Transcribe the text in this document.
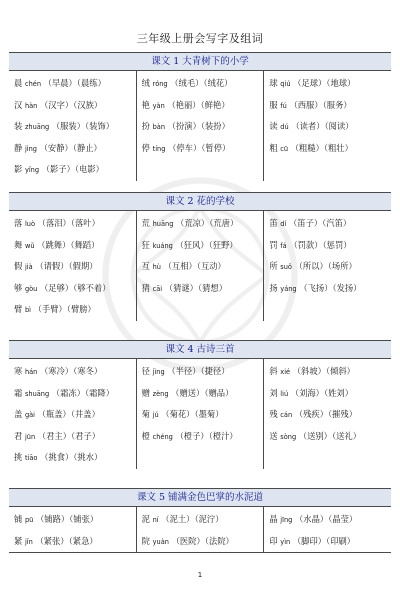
三年级上册会写字及组词
课文 1 大青树下的小学
晨 chén （早晨）（晨练）
汉 hàn （汉字）（汉族）
装 zhuāng （服装）（装饰）
静 jìng （安静）（静止）
影 yǐng （影子）（电影）
绒 róng （绒毛）（绒花）
艳 yàn （艳丽）（鲜艳）
扮 bàn （扮演）（装扮）
停 tíng （停车）（暂停）
球 qiú （足球）（地球）
服 fú （西服）（服务）
读 dú （读者）（阅读）
粗 cū （粗糙）（粗壮）
课文 2 花的学校
落 luò （落泪）（落叶）
舞 wǔ （跳舞）（舞蹈）
假 jià （请假）（假期）
够 gòu （足够）（够不着）
臂 bì （手臂）（臂膀）
荒 huāng （荒凉）（荒唐）
狂 kuáng （狂风）（狂野）
互 hù （互相）（互动）
猜 cāi （猜谜）（猜想）
笛 dí （笛子）（汽笛）
罚 fá （罚款）（惩罚）
所 suǒ （所以）（场所）
扬 yáng （飞扬）（发扬）
课文 4 古诗三首
寒 hán （寒冷）（寒冬）
霜 shuāng （霜冻）（霜降）
盖 gài （瓶盖）（井盖）
君 jūn （君主）（君子）
挑 tiāo （挑食）（挑水）
径 jìng （半径）（捷径）
赠 zèng （赠送）（赠品）
菊 jú （菊花）（墨菊）
橙 chéng （橙子）（橙汁）
斜 xié （斜坡）（倾斜）
刘 liú （刘海）（姓刘）
残 cán （残疾）（摧残）
送 sòng （送别）（送礼）
课文 5 铺满金色巴掌的水泥道
铺 pū （铺路）（铺张）
紧 jǐn （紧张）（紧急）
泥 ní （泥土）（泥泞）
院 yuàn （医院）（法院）
晶 jīng （水晶）（晶莹）
印 yìn （脚印）（印刷）
1
